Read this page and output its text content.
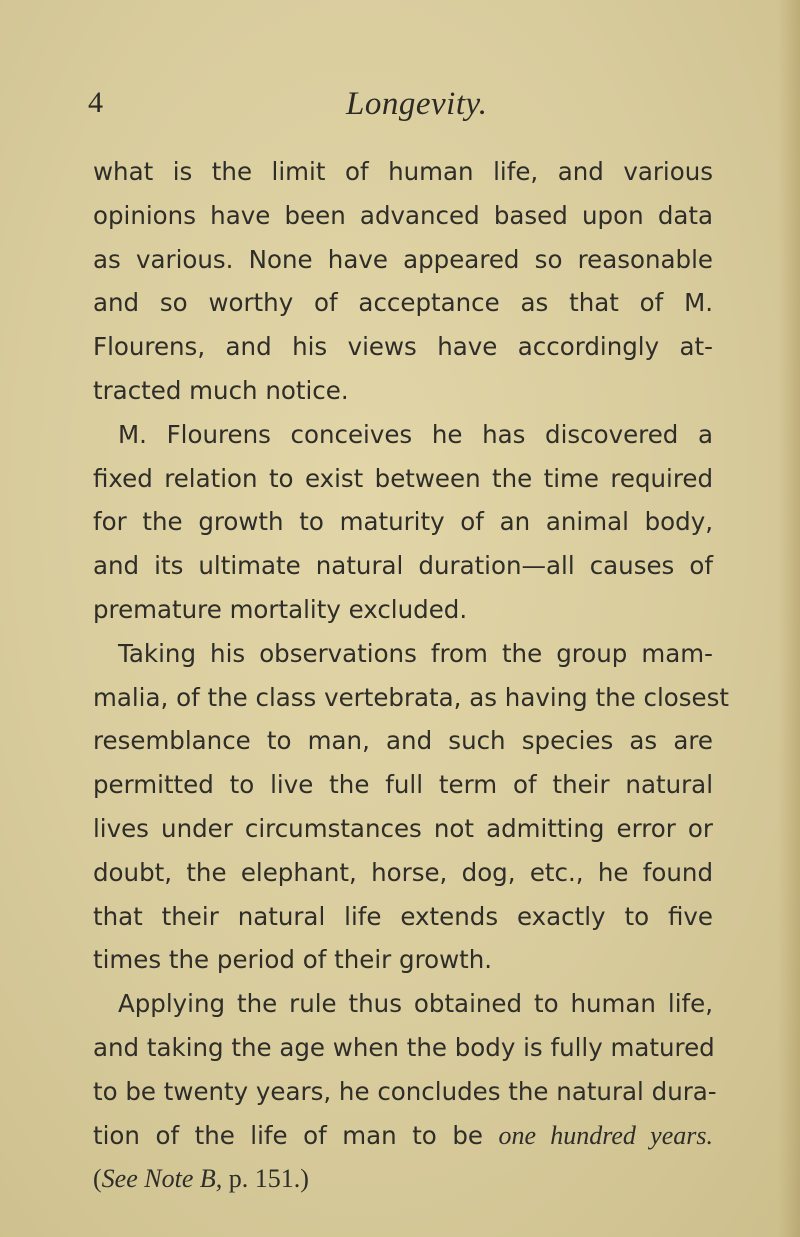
4	Longevity.
what is the limit of human life, and various
opinions have been advanced based upon data
as various. None have appeared so reasonable
and so worthy of acceptance as that of M.
Flourens, and his views have accordingly at-
tracted much notice.
M. Flourens conceives he has discovered a
fixed relation to exist between the time required
for the growth to maturity of an animal body,
and its ultimate natural duration—all causes of
premature mortality excluded.
Taking his observations from the group mam-
malia, of the class vertebrata, as having the closest
resemblance to man, and such species as are
permitted to live the full term of their natural
lives under circumstances not admitting error or
doubt, the elephant, horse, dog, etc., he found
that their natural life extends exactly to five
times the period of their growth.
Applying the rule thus obtained to human life,
and taking the age when the body is fully matured
to be twenty years, he concludes the natural dura-
tion of the life of man to be one hundred years.
(See Note B, p. 151.)
